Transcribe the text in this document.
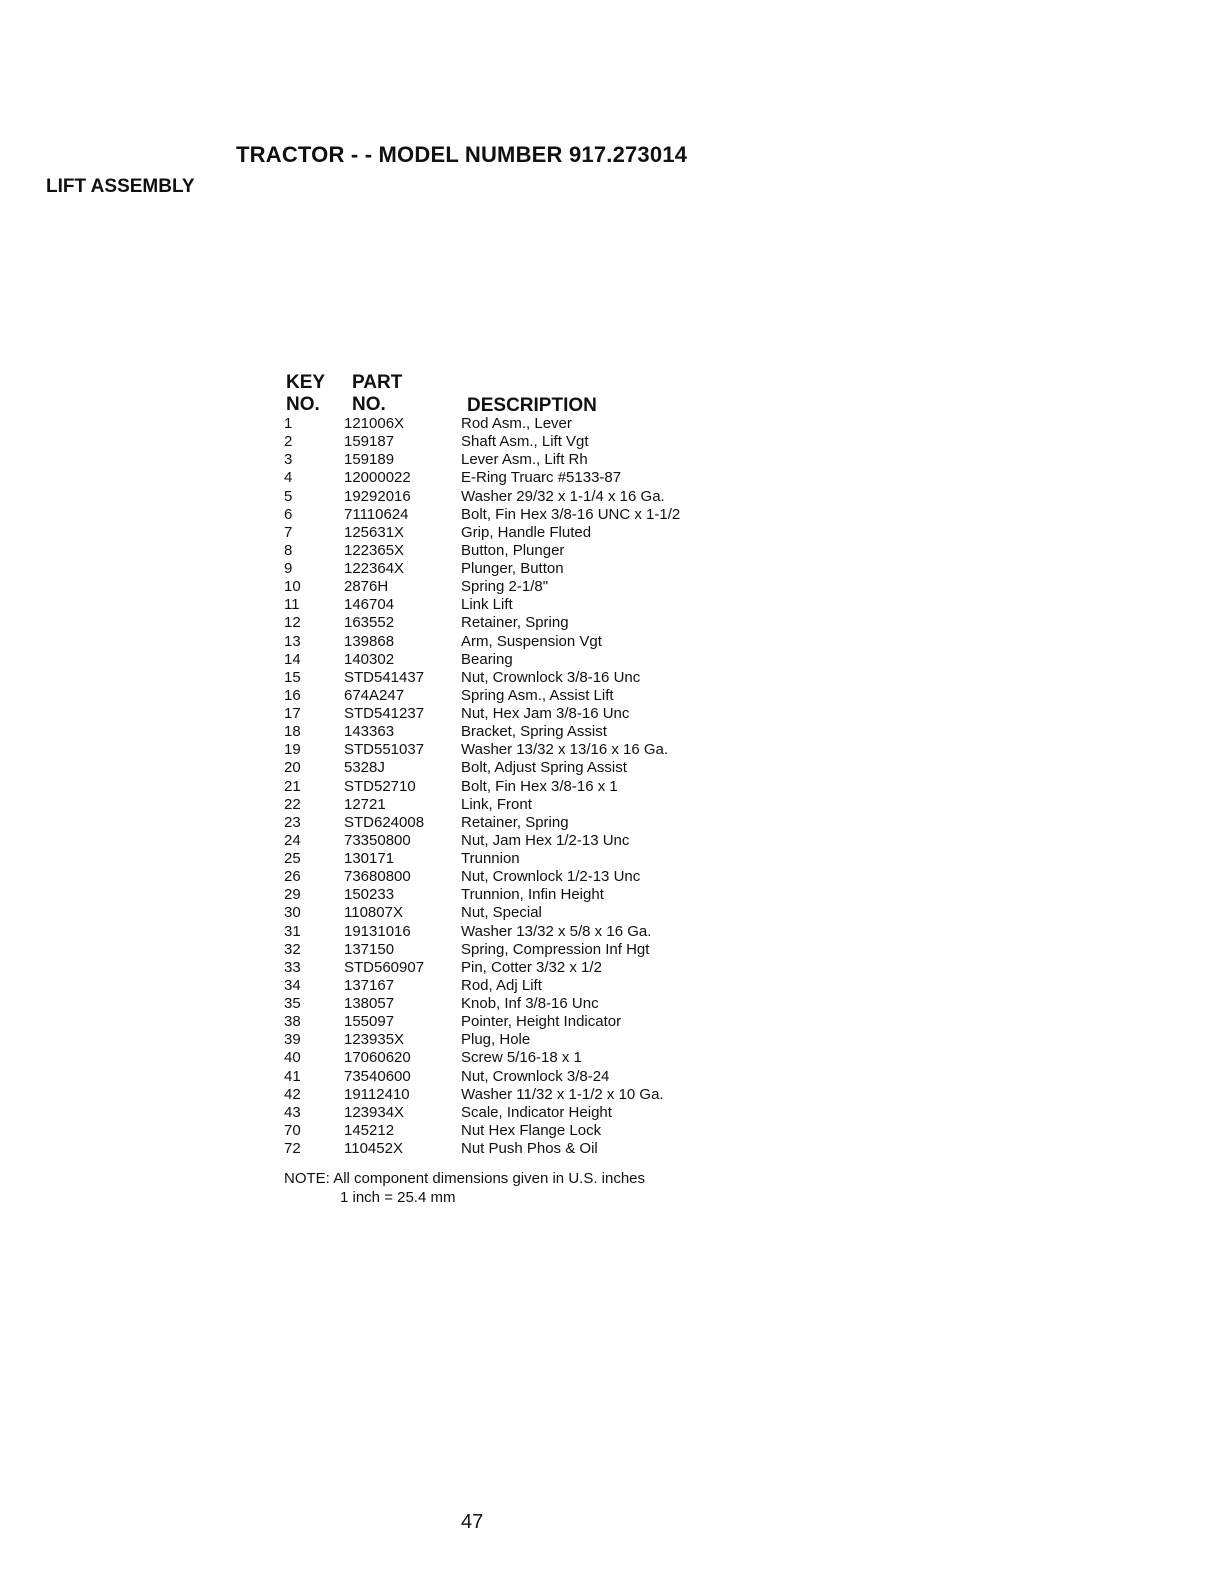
TRACTOR - - MODEL NUMBER 917.273014
LIFT ASSEMBLY
KEY
NO.
PART
NO.	DESCRIPTION
1	121006X	Rod Asm., Lever
2	159187	Shaft Asm., Lift Vgt
3	159189	Lever Asm., Lift Rh
4	12000022	E-Ring Truarc #5133-87
5	19292016	Washer 29/32 x 1-1/4 x 16 Ga.
6	71110624	Bolt, Fin Hex 3/8-16 UNC x 1-1/2
7	125631X	Grip, Handle Fluted
8	122365X	Button, Plunger
9	122364X	Plunger, Button
10	2876H	Spring 2-1/8"
11	146704	Link Lift
12	163552	Retainer, Spring
13	139868	Arm, Suspension Vgt
14	140302	Bearing
15	STD541437 Nut, Crownlock 3/8-16 Unc
16	674A247	Spring Asm., Assist Lift
17	STD541237 Nut, Hex Jam 3/8-16 Unc
18	143363	Bracket, Spring Assist
19	STD551037 Washer 13/32 x 13/16 x 16 Ga.
20	5328J	Bolt, Adjust Spring Assist
21	STD52710	Bolt, Fin Hex 3/8-16 x 1
22	12721	Link, Front
23	STD624008 Retainer, Spring
24	73350800	Nut, Jam Hex 1/2-13 Unc
25	130171	Trunnion
26	73680800	Nut, Crownlock 1/2-13 Unc
29	150233	Trunnion, Infin Height
30	110807X	Nut, Special
31	19131016	Washer 13/32 x 5/8 x 16 Ga.
32	137150	Spring, Compression Inf Hgt
33	STD560907 Pin, Cotter 3/32 x 1/2
34	137167	Rod, Adj Lift
35	138057	Knob, Inf 3/8-16 Unc
38	155097	Pointer, Height Indicator
39	123935X	Plug, Hole
40	17060620	Screw 5/16-18 x 1
41	73540600	Nut, Crownlock 3/8-24
42	19112410	Washer 11/32 x 1-1/2 x 10 Ga.
43	123934X	Scale, Indicator Height
70	145212	Nut Hex Flange Lock
72	110452X	Nut Push Phos & Oil
NOTE: All component dimensions given in U.S. inches
1 inch = 25.4 mm
47
